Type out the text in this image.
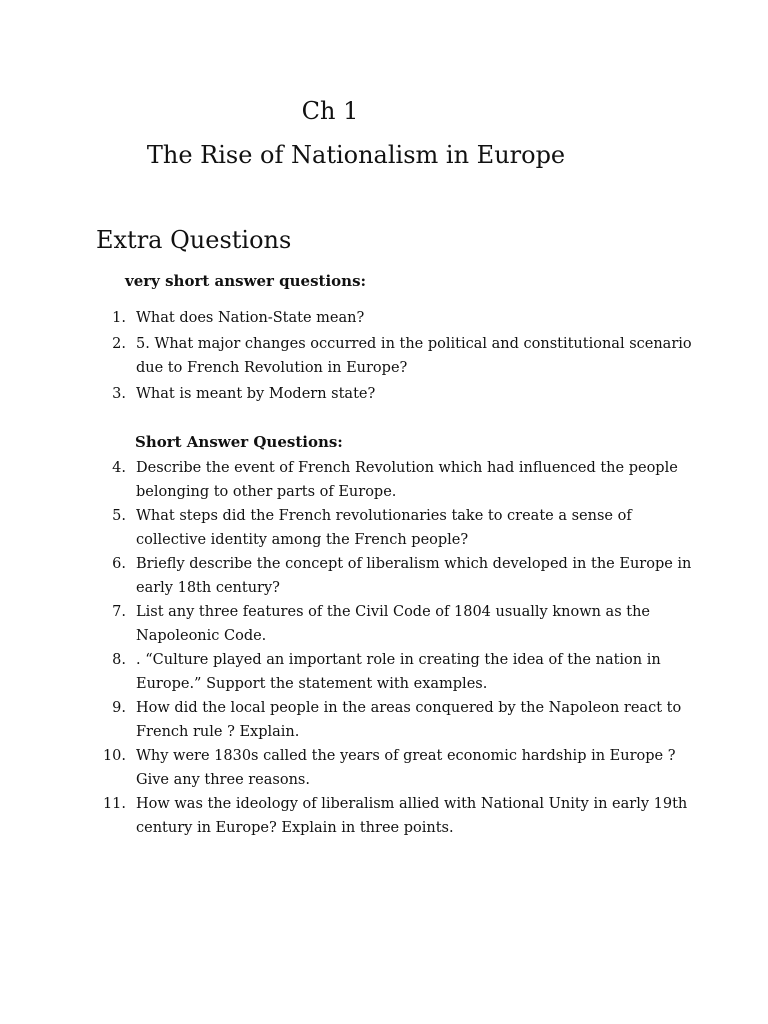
Ch 1
The Rise of Nationalism in Europe
Extra Questions
very short answer questions:
1. What does Nation-State mean?
2. 5. What major changes occurred in the political and constitutional scenario due to French Revolution in Europe?
3. What is meant by Modern state?
Short Answer Questions:
4. Describe the event of French Revolution which had influenced the people belonging to other parts of Europe.
5. What steps did the French revolutionaries take to create a sense of collective identity among the French people?
6. Briefly describe the concept of liberalism which developed in the Europe in early 18th century?
7. List any three features of the Civil Code of 1804 usually known as the Napoleonic Code.
8. . “Culture played an important role in creating the idea of the nation in Europe.” Support the statement with examples.
9. How did the local people in the areas conquered by the Napoleon react to French rule ? Explain.
10. Why were 1830s called the years of great economic hardship in Europe ? Give any three reasons.
11. How was the ideology of liberalism allied with National Unity in early 19th century in Europe? Explain in three points.
